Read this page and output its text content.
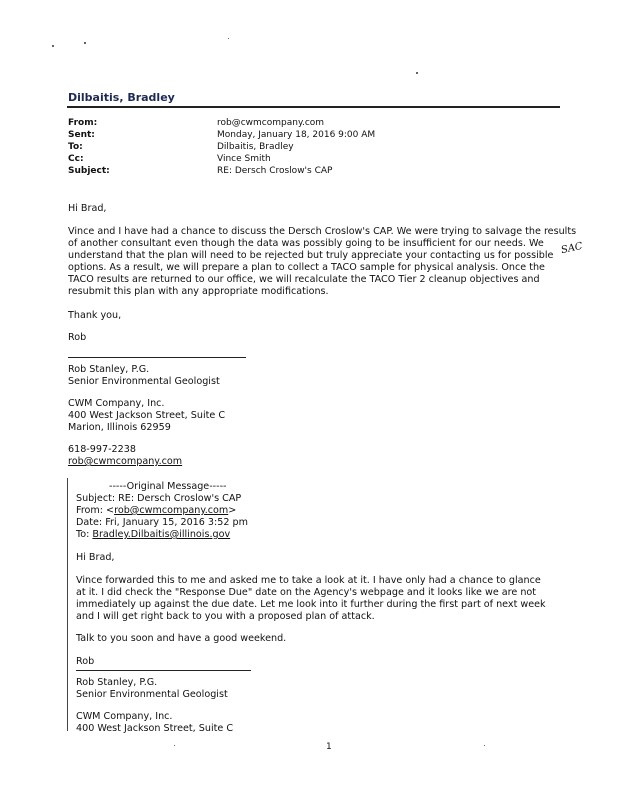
Dilbaitis, Bradley
From:	rob@cwmcompany.com
Sent:	Monday, January 18, 2016 9:00 AM
To:	Dilbaitis, Bradley
Cc:	Vince Smith
Subject:	RE: Dersch Croslow's CAP
Hi Brad,
Vince and I have had a chance to discuss the Dersch Croslow's CAP. We were trying to salvage the results
of another consultant even though the data was possibly going to be insufficient for our needs. We
understand that the plan will need to be rejected but truly appreciate your contacting us for possible
options. As a result, we will prepare a plan to collect a TACO sample for physical analysis. Once the
TACO results are returned to our office, we will recalculate the TACO Tier 2 cleanup objectives and
resubmit this plan with any appropriate modifications.
SAC
Thank you,
Rob
Rob Stanley, P.G.
Senior Environmental Geologist
CWM Company, Inc.
400 West Jackson Street, Suite C
Marion, Illinois 62959
618-997-2238
rob@cwmcompany.com
-----Original Message-----
Subject: RE: Dersch Croslow's CAP
From: <rob@cwmcompany.com>
Date: Fri, January 15, 2016 3:52 pm
To: Bradley.Dilbaitis@illinois.gov
Hi Brad,
Vince forwarded this to me and asked me to take a look at it. I have only had a chance to glance
at it. I did check the "Response Due" date on the Agency's webpage and it looks like we are not
immediately up against the due date. Let me look into it further during the first part of next week
and I will get right back to you with a proposed plan of attack.
Talk to you soon and have a good weekend.
Rob
Rob Stanley, P.G.
Senior Environmental Geologist
CWM Company, Inc.
400 West Jackson Street, Suite C
1
